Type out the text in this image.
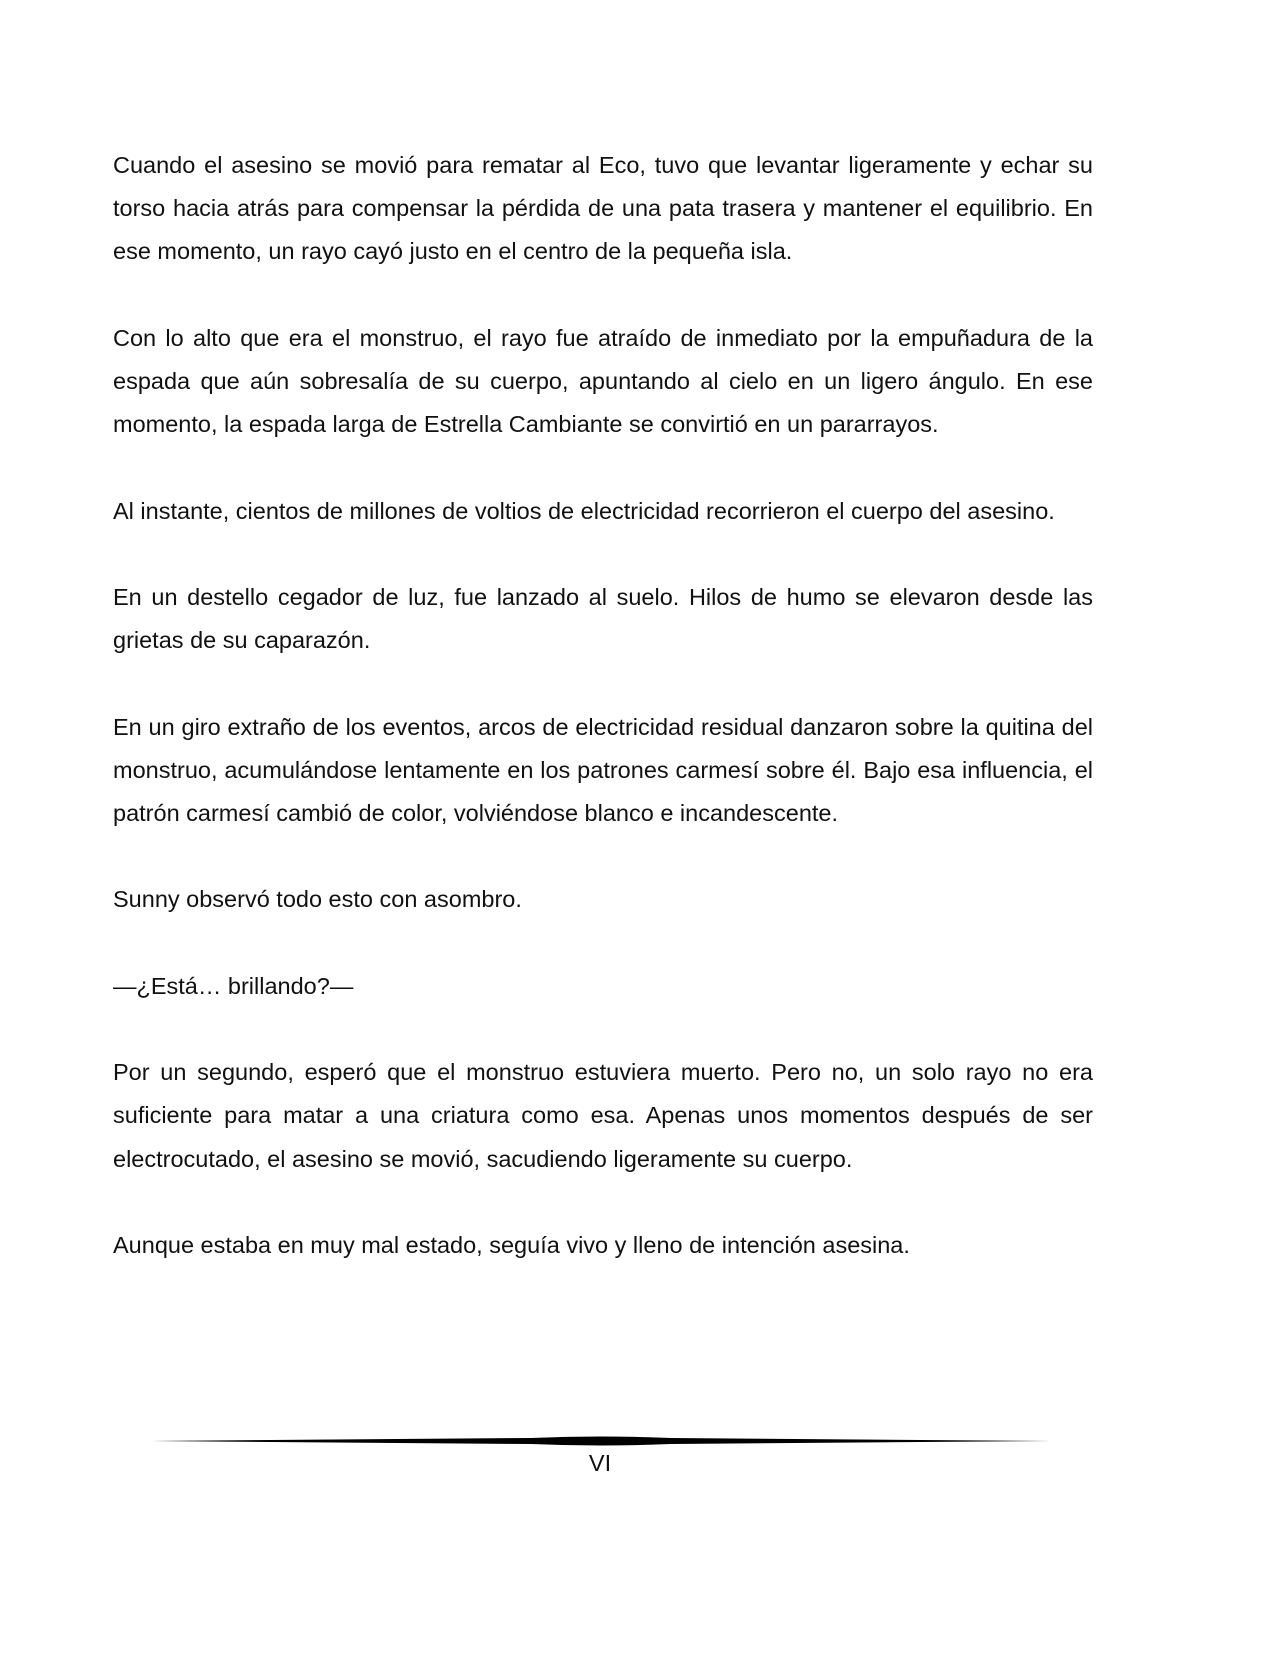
Cuando el asesino se movió para rematar al Eco, tuvo que levantar ligeramente y echar su torso hacia atrás para compensar la pérdida de una pata trasera y mantener el equilibrio. En ese momento, un rayo cayó justo en el centro de la pequeña isla.

Con lo alto que era el monstruo, el rayo fue atraído de inmediato por la empuñadura de la espada que aún sobresalía de su cuerpo, apuntando al cielo en un ligero ángulo. En ese momento, la espada larga de Estrella Cambiante se convirtió en un pararrayos.

Al instante, cientos de millones de voltios de electricidad recorrieron el cuerpo del asesino.

En un destello cegador de luz, fue lanzado al suelo. Hilos de humo se elevaron desde las grietas de su caparazón.

En un giro extraño de los eventos, arcos de electricidad residual danzaron sobre la quitina del monstruo, acumulándose lentamente en los patrones carmesí sobre él. Bajo esa influencia, el patrón carmesí cambió de color, volviéndose blanco e incandescente.

Sunny observó todo esto con asombro.

—¿Está… brillando?—

Por un segundo, esperó que el monstruo estuviera muerto. Pero no, un solo rayo no era suficiente para matar a una criatura como esa. Apenas unos momentos después de ser electrocutado, el asesino se movió, sacudiendo ligeramente su cuerpo.

Aunque estaba en muy mal estado, seguía vivo y lleno de intención asesina.

VI
